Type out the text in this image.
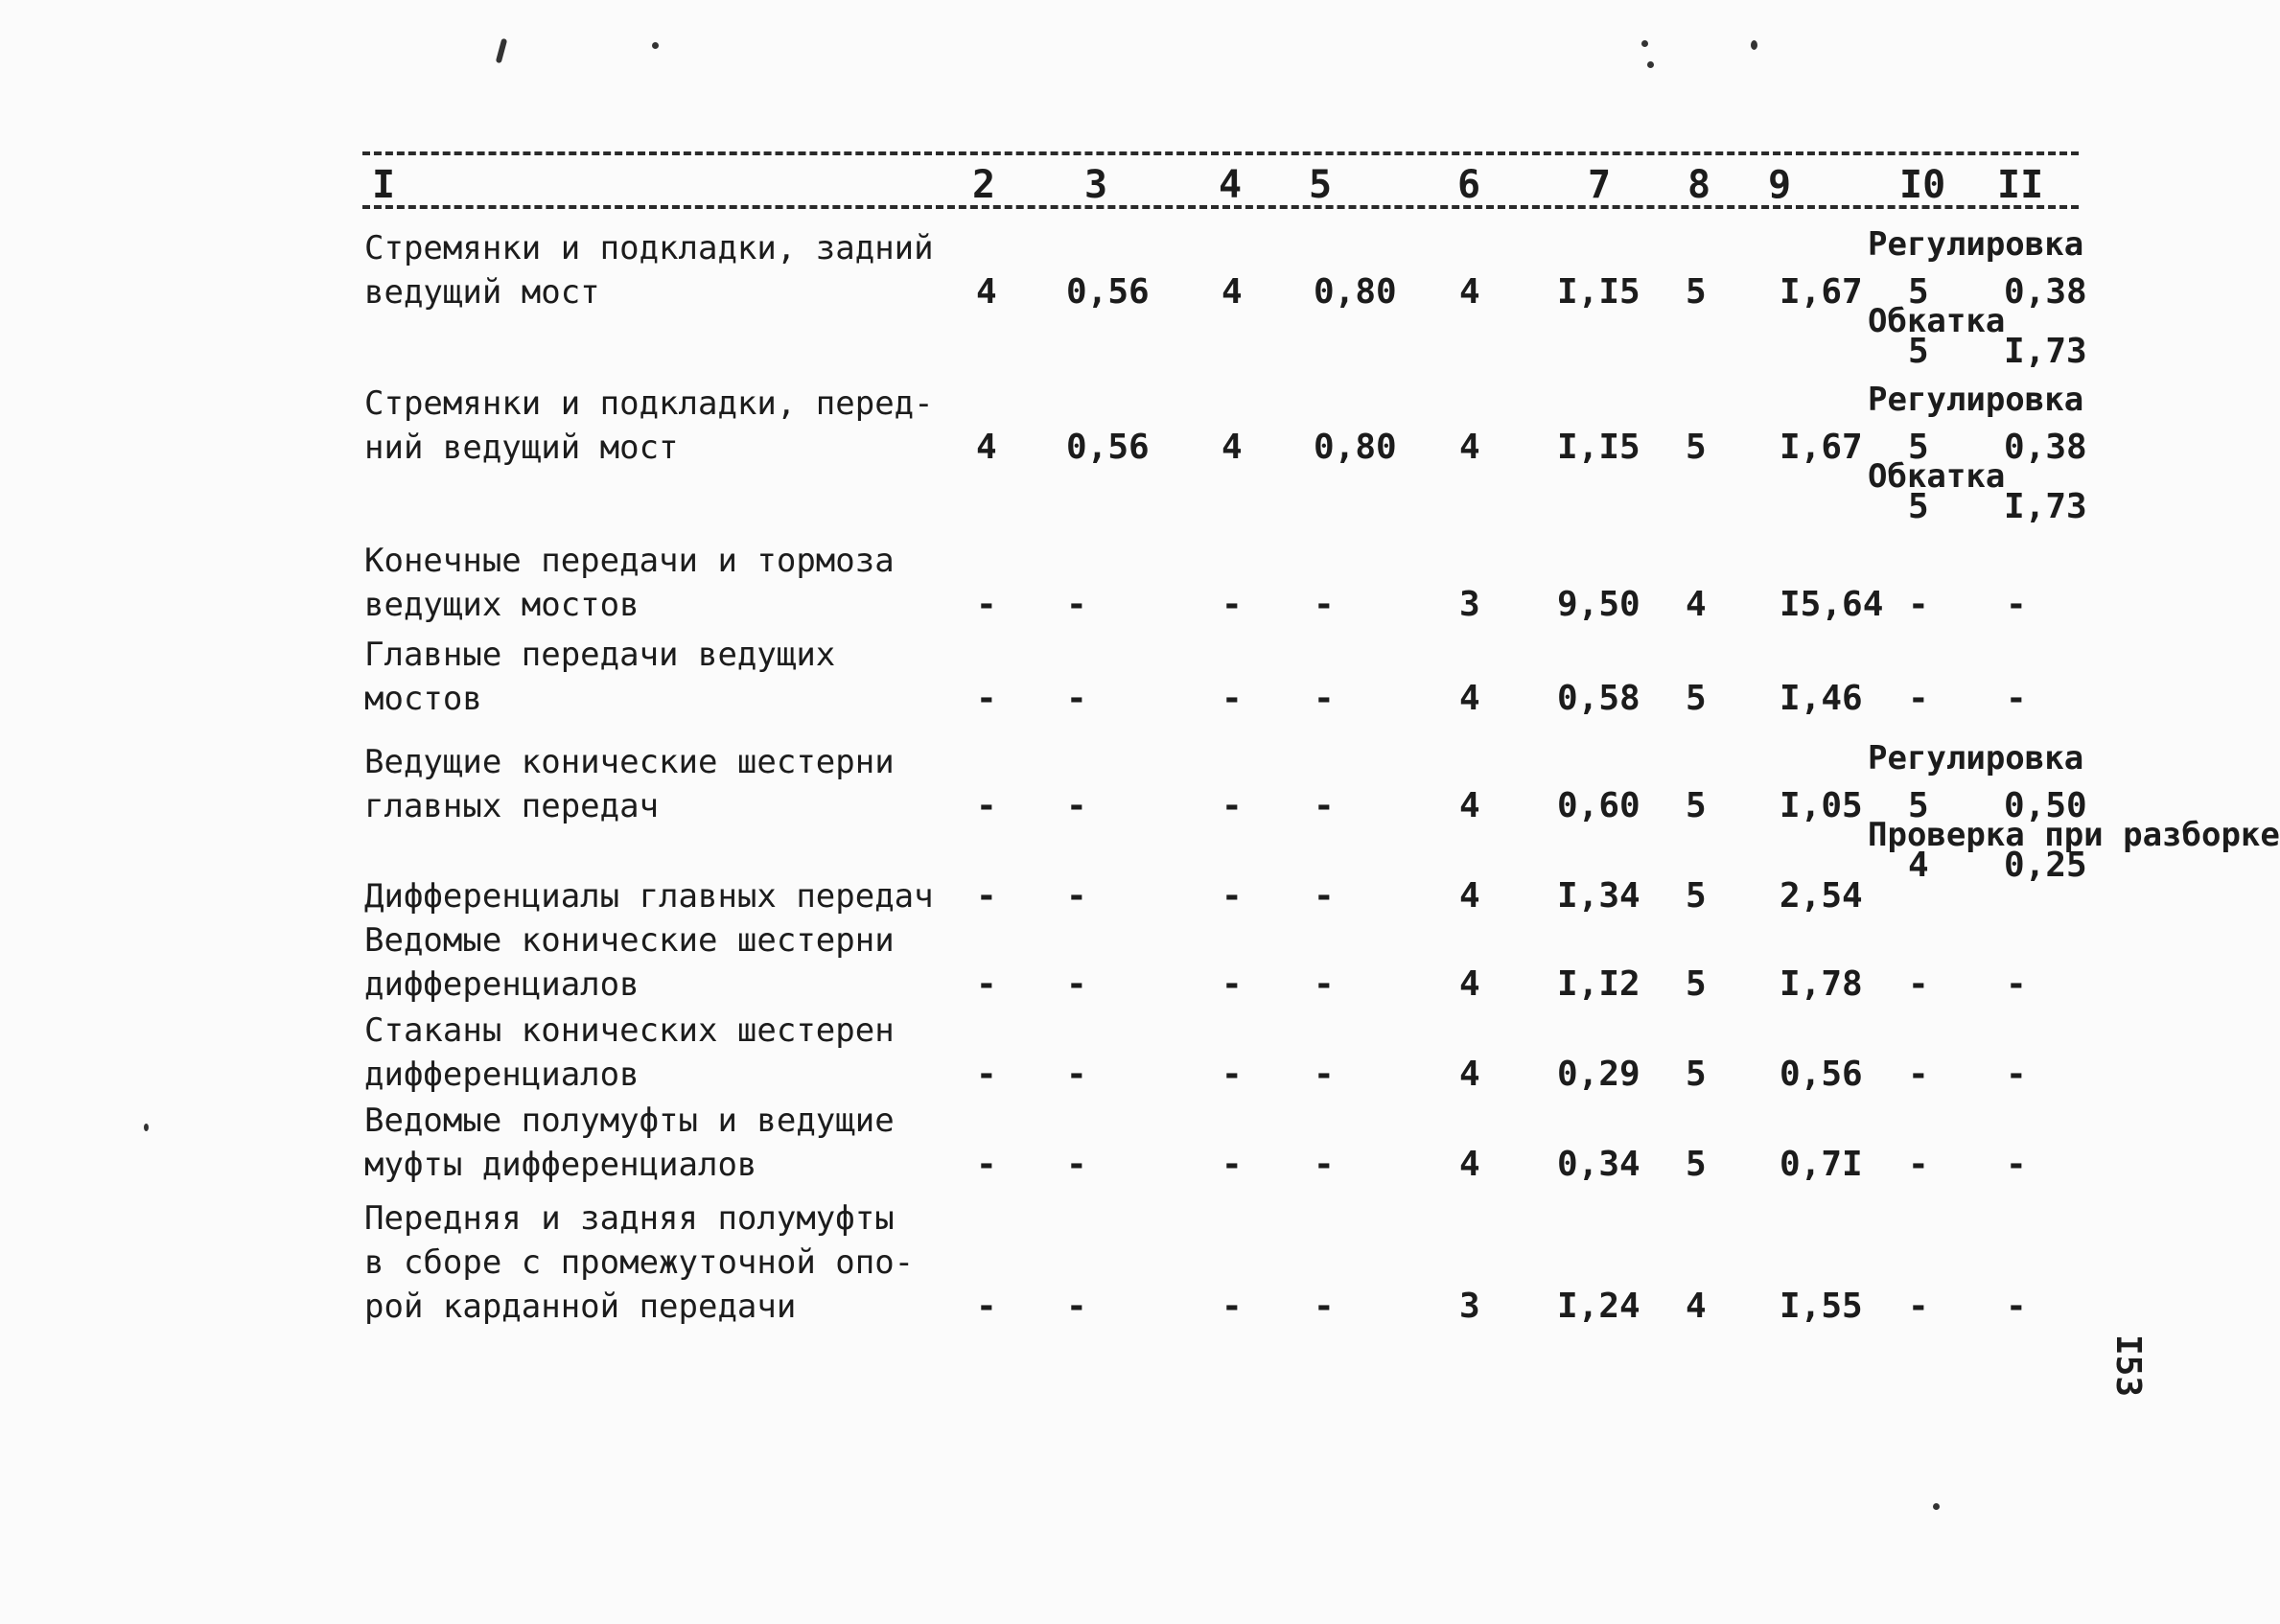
I	2 3	4 5	6	7 8 9	I0 II
Стремянки и подкладки, задний
ведущий мост	4 0,56 4 0,80 4 I,I5 5 I,67
Регулировка
5 0,38
Обкатка
5 I,73
Стремянки и подкладки, перед-
ний ведущий мост	4 0,56 4 0,80 4 I,I5 5 I,67
Регулировка
5 0,38
Обкатка
5 I,73
Конечные передачи и тормоза
ведущих мостов	- -	- -	3 9,50 4 I5,64 - -
Главные передачи ведущих
мостов	- -	- -	4 0,58 5 I,46 - -
Ведущие конические шестерни
главных передач	- -	- -	4 0,60 5 I,05
Регулировка
5 0,50
Проверка при разборке
4 0,25
Дифференциалы главных передач - -	- -	4 I,34 5 2,54
Ведомые конические шестерни
дифференциалов	- -	- -	4 I,I2 5 I,78 - -
Стаканы конических шестерен
дифференциалов	- -	- -	4 0,29 5 0,56 - -
Ведомые полумуфты и ведущие
муфты дифференциалов	- -	- -	4 0,34 5 0,7I - -
Передняя и задняя полумуфты
в сборе с промежуточной опо-
рой карданной передачи	- -	- -	3 I,24 4 I,55 - -
I53
